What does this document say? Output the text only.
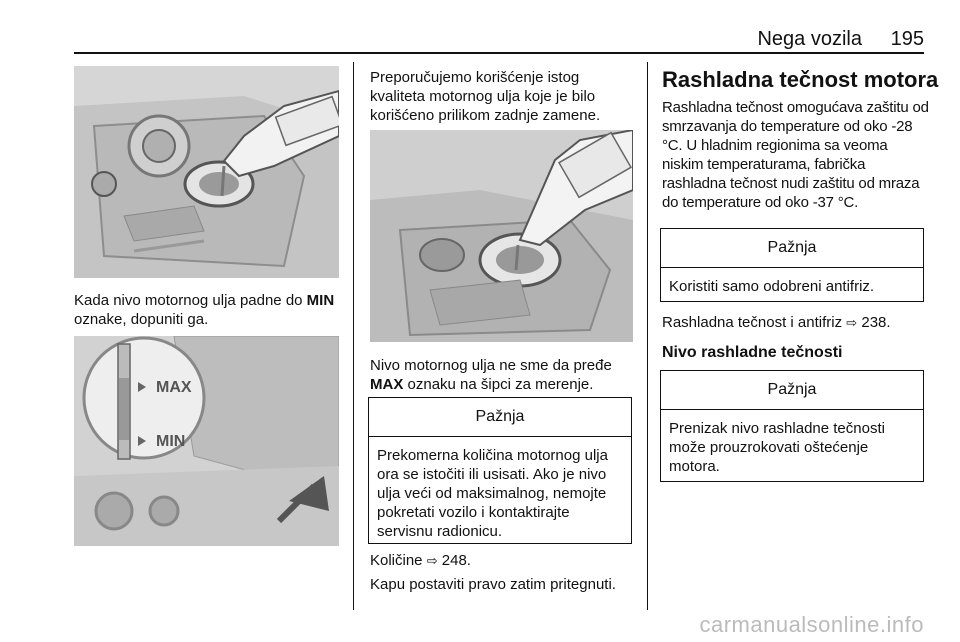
Nega vozila 195
Kada nivo motornog ulja padne do MIN oznake, dopuniti ga.
MAX
MIN
Preporučujemo korišćenje istog kvaliteta motornog ulja koje je bilo korišćeno prilikom zadnje zamene.
Nivo motornog ulja ne sme da pređe MAX oznaku na šipci za merenje.
Pažnja
Prekomerna količina motornog ulja ora se istočiti ili usisati. Ako je nivo ulja veći od maksimalnog, nemojte pokretati vozilo i kontaktirajte servisnu radionicu.
Količine ⇨ 248.
Kapu postaviti pravo zatim pritegnuti.
Rashladna tečnost motora
Rashladna tečnost omogućava zaštitu od smrzavanja do temperature od oko -28 °C. U hladnim regionima sa veoma niskim temperaturama, fabrička rashladna tečnost nudi zaštitu od mraza do temperature od oko -37 °C.
Pažnja
Koristiti samo odobreni antifriz.
Rashladna tečnost i antifriz ⇨ 238.
Nivo rashladne tečnosti
Pažnja
Prenizak nivo rashladne tečnosti može prouzrokovati oštećenje motora.
carmanualsonline.info
